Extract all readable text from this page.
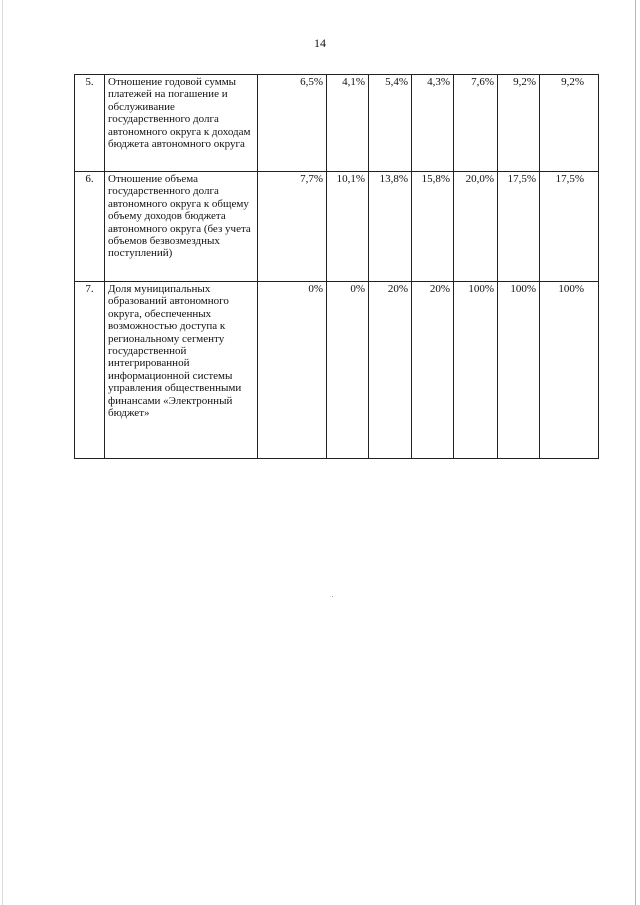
14
5.	Отношение годовой суммы платежей на погашение и обслуживание государственного долга автономного округа к доходам бюджета автономного округа	6,5%	4,1%	5,4%	4,3%	7,6%	9,2%	9,2%
6.	Отношение объема государственного долга автономного округа к общему объему доходов бюджета автономного округа (без учета объемов безвозмездных поступлений)	7,7%	10,1%	13,8%	15,8%	20,0%	17,5%	17,5%
7.	Доля муниципальных образований автономного округа, обеспеченных возможностью доступа к региональному сегменту государственной интегрированной информационной системы управления общественными финансами «Электронный бюджет»	0%	0%	20%	20%	100%	100%	100%
